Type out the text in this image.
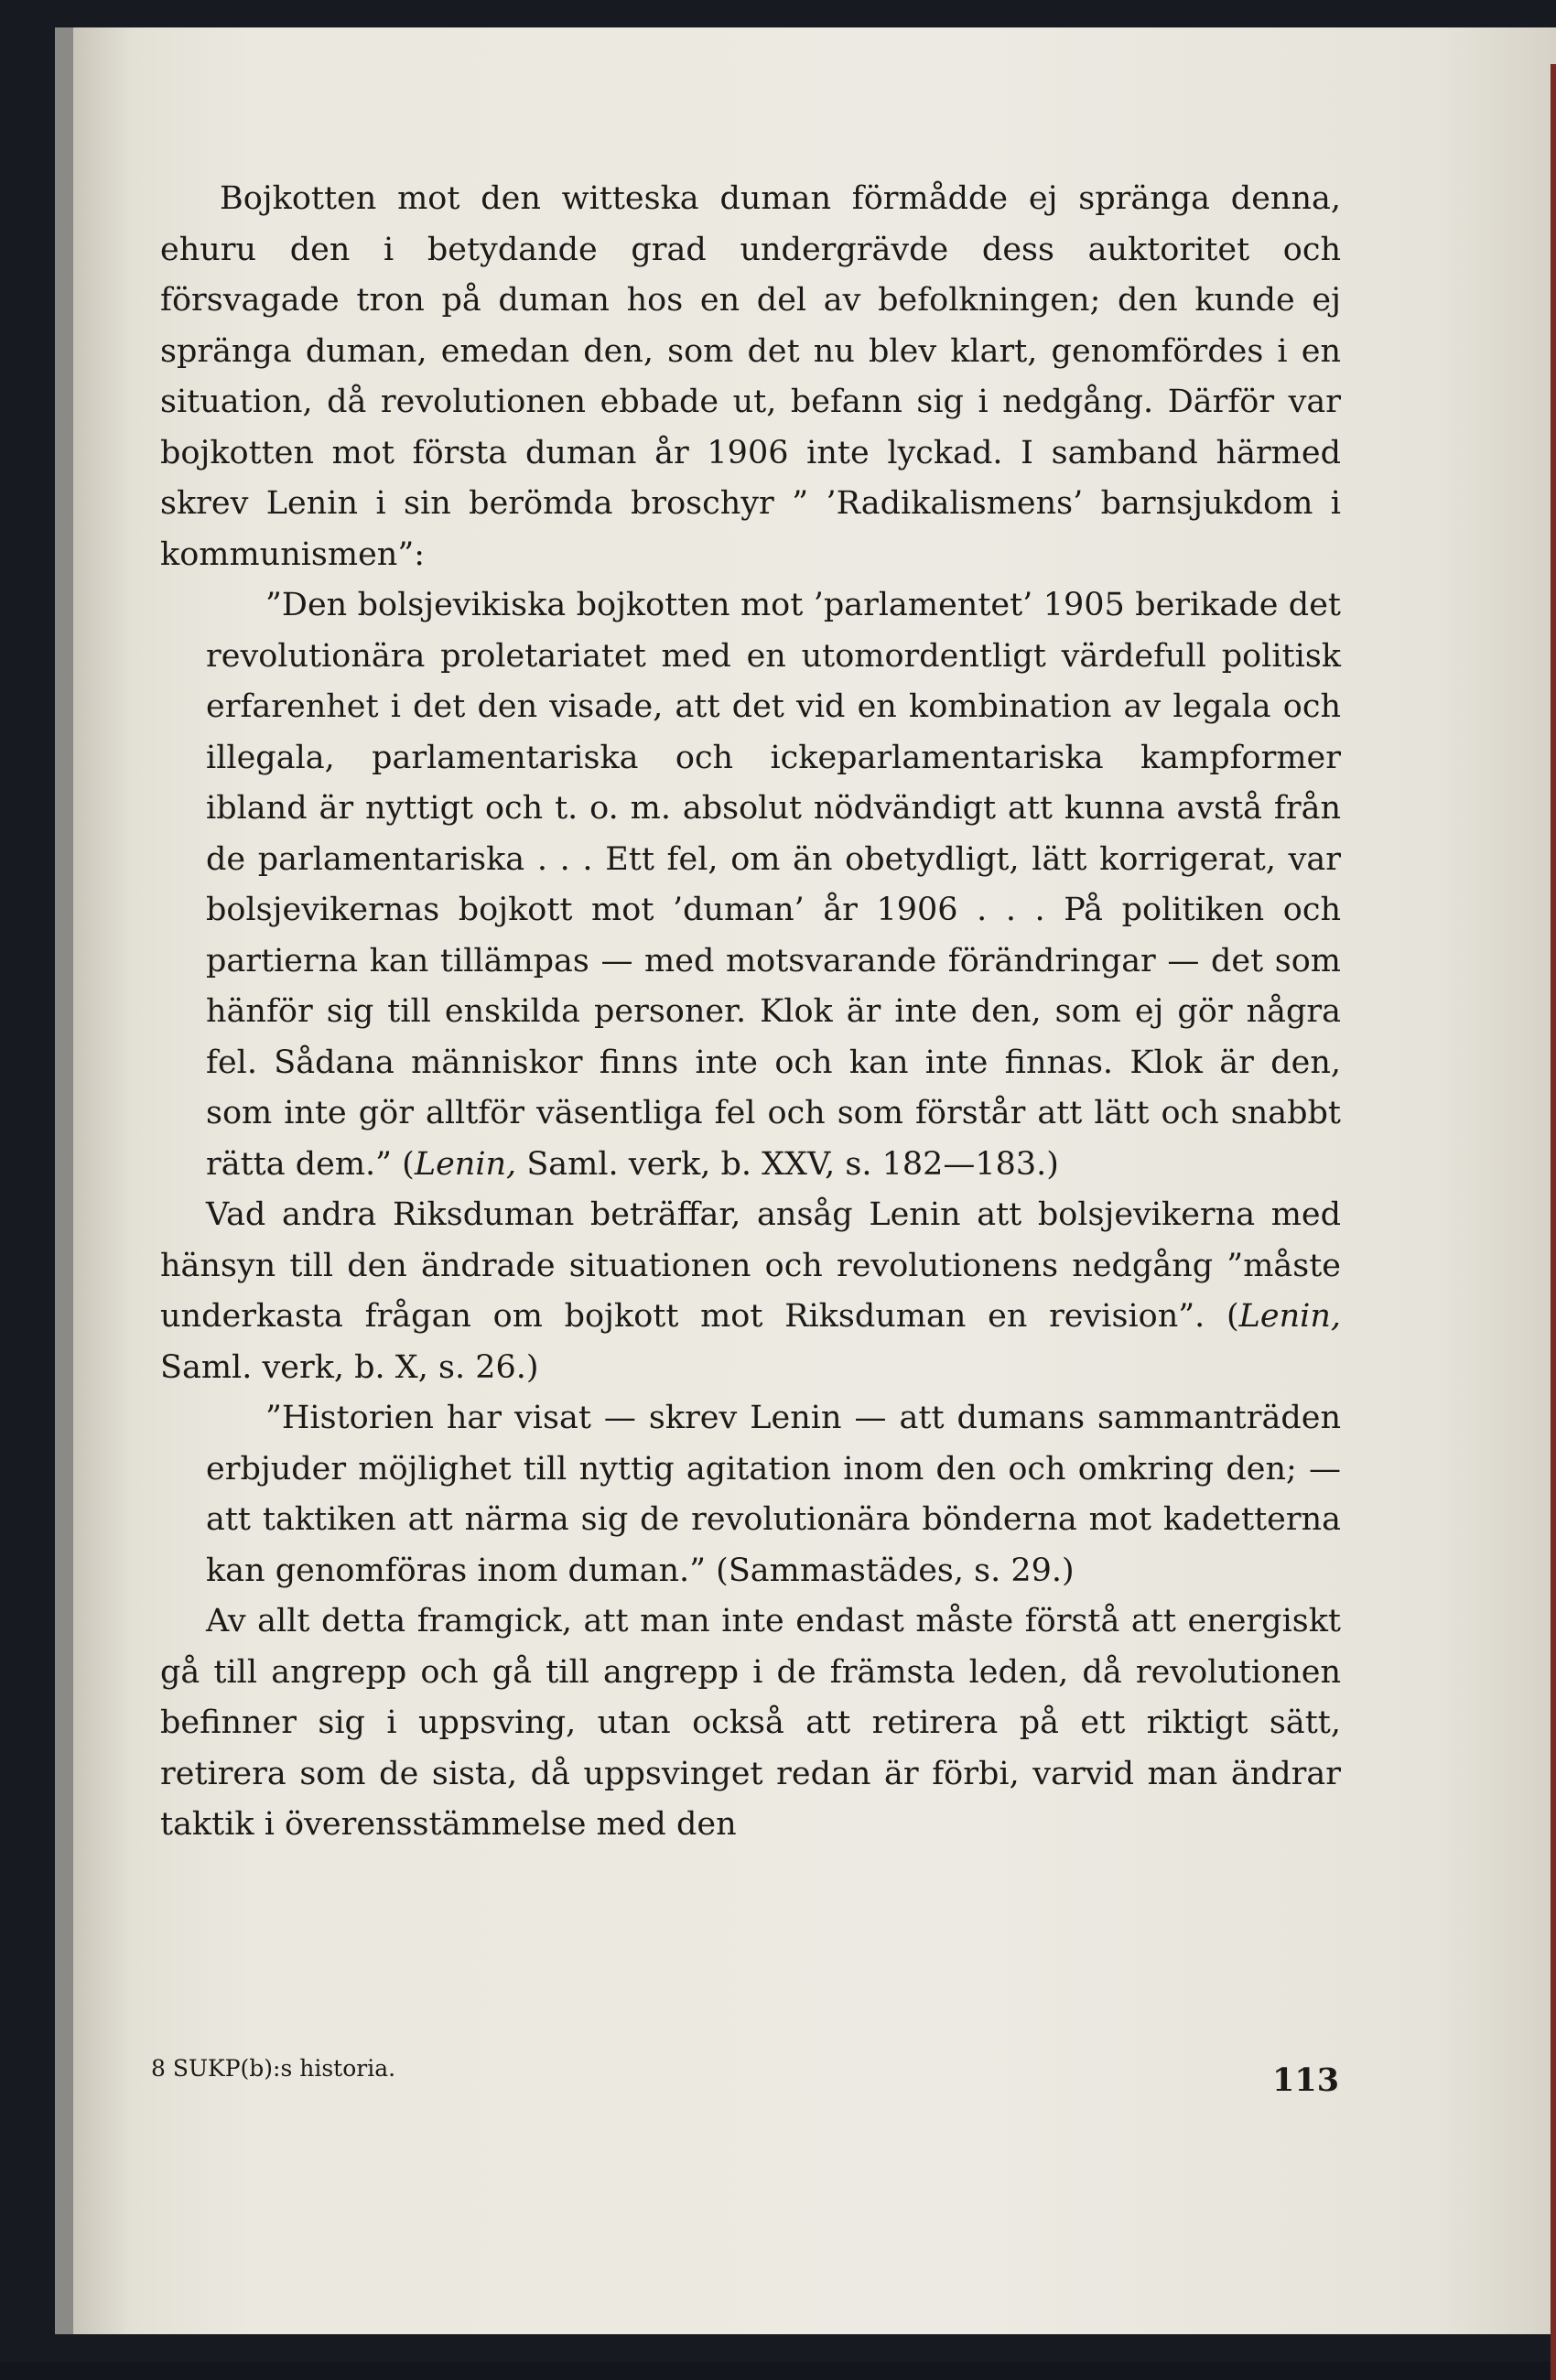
Bojkotten mot den witteska duman förmådde ej spränga denna, ehuru den i betydande grad undergrävde dess auktoritet och försvagade tron på duman hos en del av befolkningen; den kunde ej spränga duman, emedan den, som det nu blev klart, genomfördes i en situation, då revolutionen ebbade ut, befann sig i nedgång. Därför var bojkotten mot första duman år 1906 inte lyckad. I samband härmed skrev Lenin i sin berömda broschyr ” ’Radikalismens’ barnsjukdom i kommunismen”:

”Den bolsjevikiska bojkotten mot ’parlamentet’ 1905 berikade det revolutionära proletariatet med en utomordentligt värdefull politisk erfarenhet i det den visade, att det vid en kombination av legala och illegala, parlamentariska och ickeparlamentariska kampformer ibland är nyttigt och t. o. m. absolut nödvändigt att kunna avstå från de parlamentariska . . . Ett fel, om än obetydligt, lätt korrigerat, var bolsjevikernas bojkott mot ’duman’ år 1906 . . . På politiken och partierna kan tillämpas — med motsvarande förändringar — det som hänför sig till enskilda personer. Klok är inte den, som ej gör några fel. Sådana människor finns inte och kan inte finnas. Klok är den, som inte gör alltför väsentliga fel och som förstår att lätt och snabbt rätta dem.” (Lenin, Saml. verk, b. XXV, s. 182—183.)

Vad andra Riksduman beträffar, ansåg Lenin att bolsjevikerna med hänsyn till den ändrade situationen och revolutionens nedgång ”måste underkasta frågan om bojkott mot Riksduman en revision”. (Lenin, Saml. verk, b. X, s. 26.)

”Historien har visat — skrev Lenin — att dumans sammanträden erbjuder möjlighet till nyttig agitation inom den och omkring den; — att taktiken att närma sig de revolutionära bönderna mot kadetterna kan genomföras inom duman.” (Sammastädes, s. 29.)

Av allt detta framgick, att man inte endast måste förstå att energiskt gå till angrepp och gå till angrepp i de främsta leden, då revolutionen befinner sig i uppsving, utan också att retirera på ett riktigt sätt, retirera som de sista, då uppsvinget redan är förbi, varvid man ändrar taktik i överensstämmelse med den

8 SUKP(b):s historia.	113
